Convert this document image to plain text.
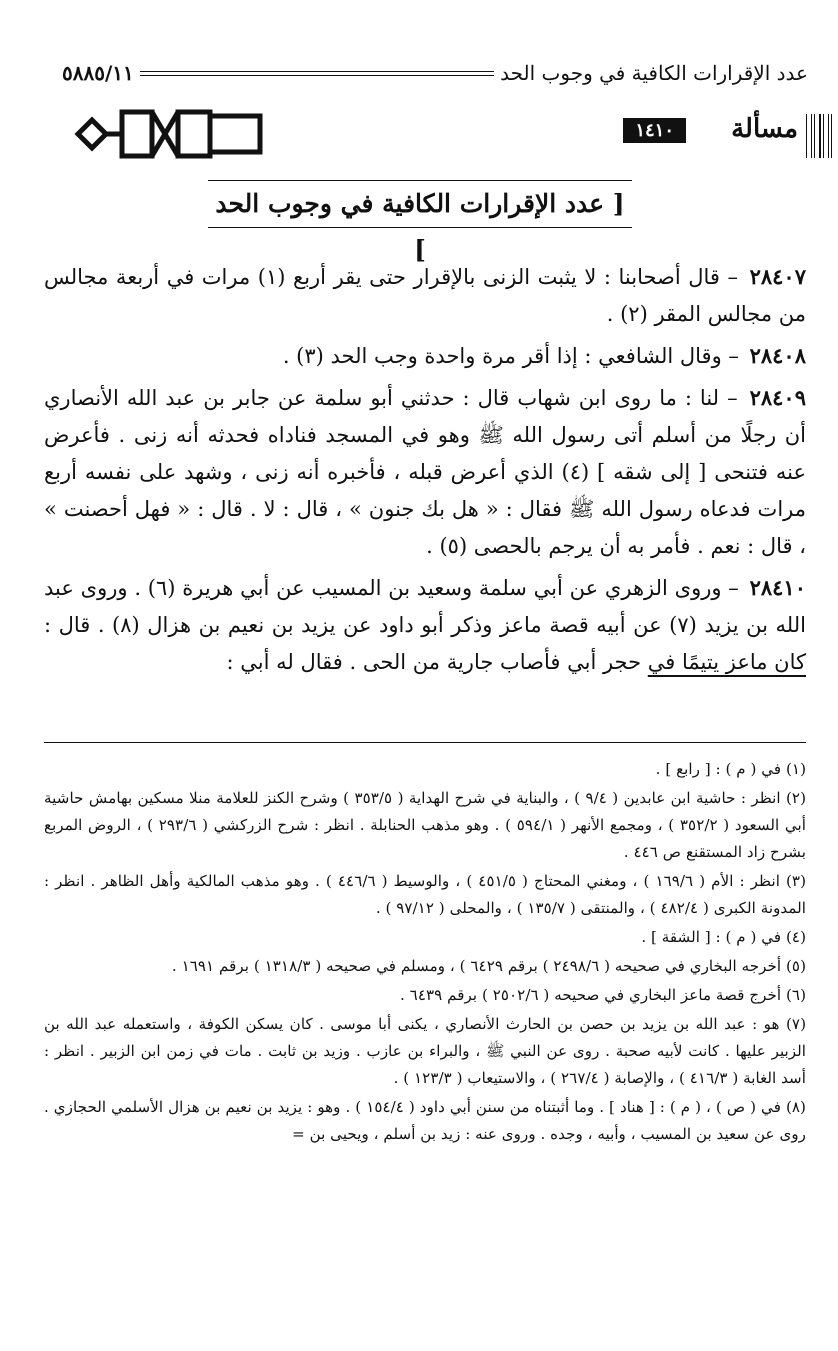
عدد الإقرارات الكافية في وجوب الحد
٥٨٨٥/١١
مسألة
١٤١٠
[ عدد الإقرارات الكافية في وجوب الحد ]

٢٨٤٠٧ – قال أصحابنا : لا يثبت الزنى بالإقرار حتى يقر أربع (١) مرات في أربعة مجالس من مجالس المقر (٢) .

٢٨٤٠٨ – وقال الشافعي : إذا أقر مرة واحدة وجب الحد (٣) .

٢٨٤٠٩ – لنا : ما روى ابن شهاب قال : حدثني أبو سلمة عن جابر بن عبد الله الأنصاري أن رجلًا من أسلم أتى رسول الله ﷺ وهو في المسجد فناداه فحدثه أنه زنى . فأعرض عنه فتنحى [ إلى شقه ] (٤) الذي أعرض قبله ، فأخبره أنه زنى ، وشهد على نفسه أربع مرات فدعاه رسول الله ﷺ فقال : « هل بك جنون » ، قال : لا . قال : « فهل أحصنت » ، قال : نعم . فأمر به أن يرجم بالحصى (٥) .

٢٨٤١٠ – وروى الزهري عن أبي سلمة وسعيد بن المسيب عن أبي هريرة (٦) . وروى عبد الله بن يزيد (٧) عن أبيه قصة ماعز وذكر أبو داود عن يزيد بن نعيم بن هزال (٨) . قال : كان ماعز يتيمًا في حجر أبي فأصاب جارية من الحى . فقال له أبي :

(١) في ( م ) : [ رابع ] .

(٢) انظر : حاشية ابن عابدين ( ٩/٤ ) ، والبناية في شرح الهداية ( ٣٥٣/٥ ) وشرح الكنز للعلامة منلا مسكين بهامش حاشية أبي السعود ( ٣٥٢/٢ ) ، ومجمع الأنهر ( ٥٩٤/١ ) . وهو مذهب الحنابلة . انظر : شرح الزركشي ( ٢٩٣/٦ ) ، الروض المربع بشرح زاد المستقنع ص ٤٤٦ .

(٣) انظر : الأم ( ١٦٩/٦ ) ، ومغني المحتاج ( ٤٥١/٥ ) ، والوسيط ( ٤٤٦/٦ ) . وهو مذهب المالكية وأهل الظاهر . انظر : المدونة الكبرى ( ٤٨٢/٤ ) ، والمنتقى ( ١٣٥/٧ ) ، والمحلى ( ٩٧/١٢ ) .

(٤) في ( م ) : [ الشقة ] .

(٥) أخرجه البخاري في صحيحه ( ٢٤٩٨/٦ ) برقم ٦٤٢٩ ) ، ومسلم في صحيحه ( ١٣١٨/٣ ) برقم ١٦٩١ .

(٦) أخرج قصة ماعز البخاري في صحيحه ( ٢٥٠٢/٦ ) برقم ٦٤٣٩ .

(٧) هو : عبد الله بن يزيد بن حصن بن الحارث الأنصاري ، يكنى أبا موسى . كان يسكن الكوفة ، واستعمله عبد الله بن الزبير عليها . كانت لأبيه صحبة . روى عن النبي ﷺ ، والبراء بن عازب . وزيد بن ثابت . مات في زمن ابن الزبير . انظر : أسد الغابة ( ٤١٦/٣ ) ، والإصابة ( ٢٦٧/٤ ) ، والاستيعاب ( ١٢٣/٣ ) .

(٨) في ( ص ) ، ( م ) : [ هناد ] . وما أثبتناه من سنن أبي داود ( ١٥٤/٤ ) . وهو : يزيد بن نعيم بن هزال الأسلمي الحجازي . روى عن سعيد بن المسيب ، وأبيه ، وجده . وروى عنه : زيد بن أسلم ، ويحيى بن =
